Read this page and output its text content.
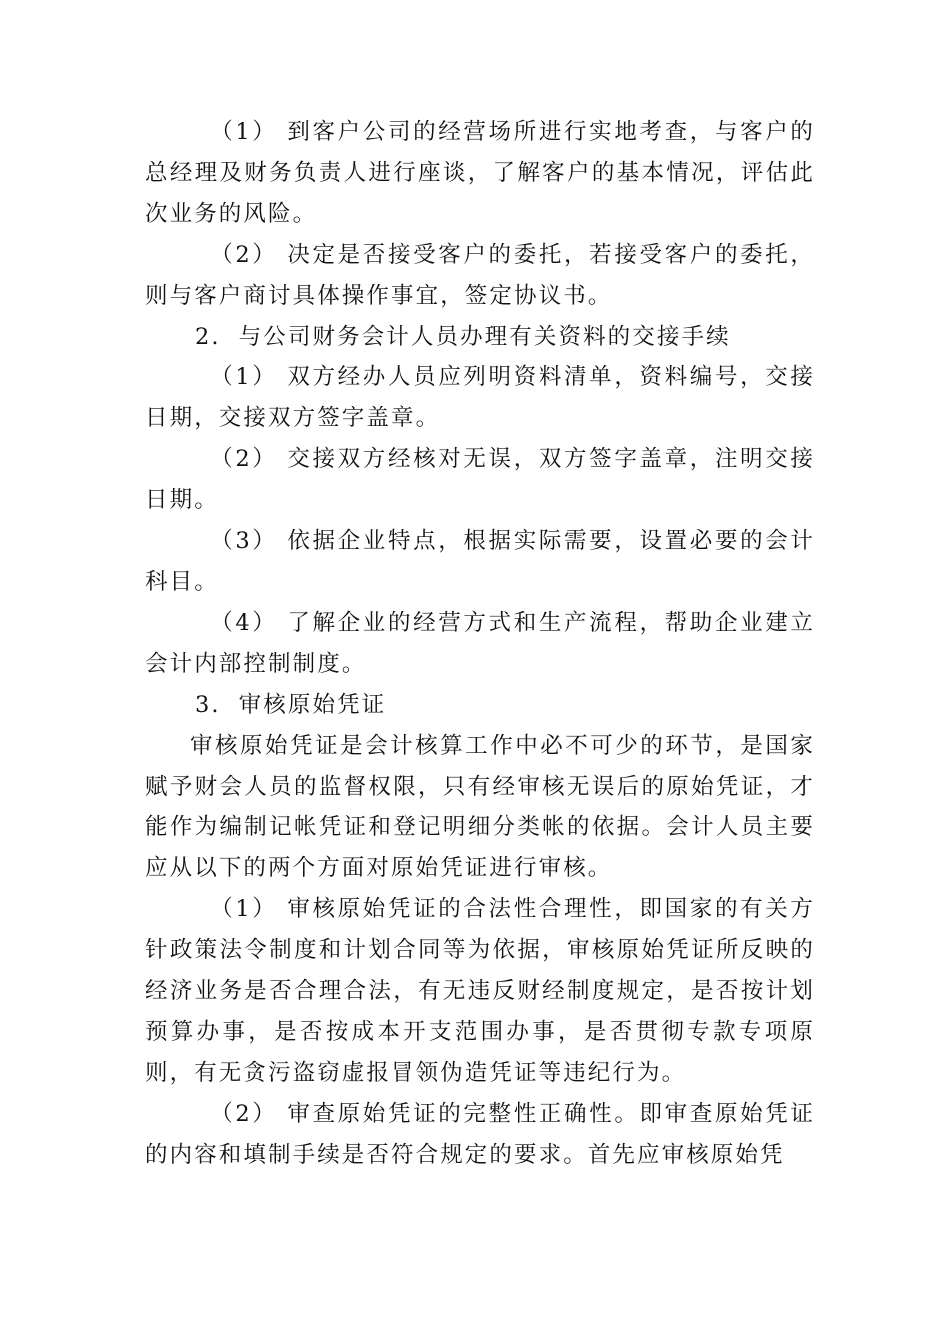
（1） 到客户公司的经营场所进行实地考查，与客户的总经理及财务负责人进行座谈，了解客户的基本情况，评估此次业务的风险。

（2） 决定是否接受客户的委托，若接受客户的委托，则与客户商讨具体操作事宜，签定协议书。

2. 与公司财务会计人员办理有关资料的交接手续

（1） 双方经办人员应列明资料清单，资料编号，交接日期，交接双方签字盖章。

（2） 交接双方经核对无误，双方签字盖章，注明交接日期。

（3） 依据企业特点，根据实际需要，设置必要的会计科目。

（4） 了解企业的经营方式和生产流程，帮助企业建立会计内部控制制度。

3. 审核原始凭证

审核原始凭证是会计核算工作中必不可少的环节，是国家赋予财会人员的监督权限，只有经审核无误后的原始凭证，才能作为编制记帐凭证和登记明细分类帐的依据。会计人员主要应从以下的两个方面对原始凭证进行审核。

（1） 审核原始凭证的合法性合理性，即国家的有关方针政策法令制度和计划合同等为依据，审核原始凭证所反映的经济业务是否合理合法，有无违反财经制度规定，是否按计划预算办事，是否按成本开支范围办事，是否贯彻专款专项原则，有无贪污盗窃虚报冒领伪造凭证等违纪行为。

（2） 审查原始凭证的完整性正确性。即审查原始凭证的内容和填制手续是否符合规定的要求。首先应审核原始凭
